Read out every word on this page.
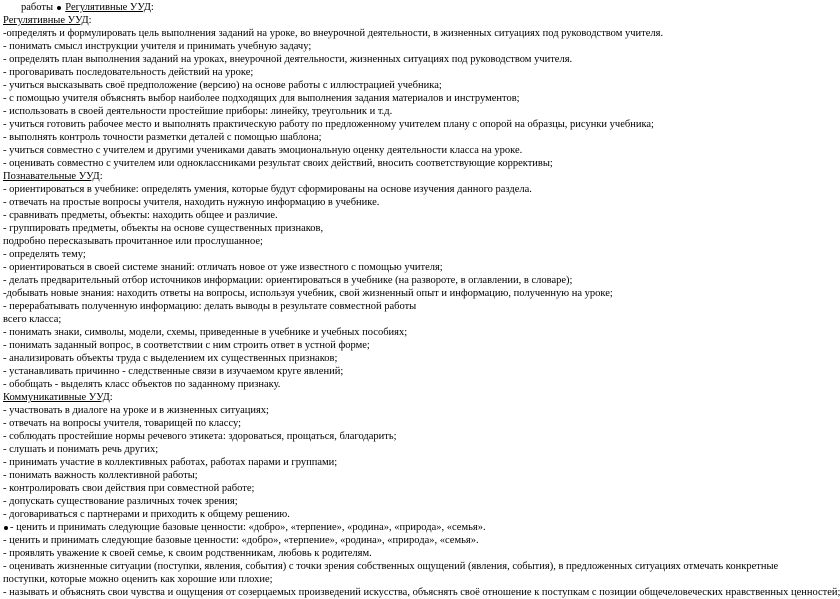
работы Регулятивные УУД:
Регулятивные УУД:
-определять и формулировать цель выполнения заданий на уроке, во внеурочной деятельности, в жизненных ситуациях под руководством учителя.
- понимать смысл инструкции учителя и принимать учебную задачу;
- определять план выполнения заданий на уроках, внеурочной деятельности, жизненных ситуациях под руководством учителя.
- проговаривать последовательность действий на уроке;
- учиться высказывать своё предположение (версию) на основе работы с иллюстрацией учебника;
- с помощью учителя объяснять выбор наиболее подходящих для выполнения задания материалов и инструментов;
- использовать в своей деятельности простейшие приборы: линейку, треугольник и т.д.
- учиться готовить рабочее место и выполнять практическую работу по предложенному учителем плану с опорой на образцы, рисунки учебника;
- выполнять контроль точности разметки деталей с помощью шаблона;
- учиться совместно с учителем и другими учениками давать эмоциональную оценку деятельности класса на уроке.
- оценивать совместно с учителем или одноклассниками результат своих действий, вносить соответствующие коррективы;
Познавательные УУД:
- ориентироваться в учебнике: определять умения, которые будут сформированы на основе изучения данного раздела.
- отвечать на простые вопросы учителя, находить нужную информацию в учебнике.
- сравнивать предметы, объекты: находить общее и различие.
- группировать предметы, объекты на основе существенных признаков,
подробно пересказывать прочитанное или прослушанное;
- определять тему;
- ориентироваться в своей системе знаний: отличать новое от уже известного с помощью учителя;
- делать предварительный отбор источников информации: ориентироваться в учебнике (на развороте, в оглавлении, в словаре);
-добывать новые знания: находить ответы на вопросы, используя учебник, свой жизненный опыт и информацию, полученную на уроке;
- перерабатывать полученную информацию: делать выводы в результате совместной работы
всего класса;
- понимать знаки, символы, модели, схемы, приведенные в учебнике и учебных пособиях;
- понимать заданный вопрос, в соответствии с ним строить ответ в устной форме;
- анализировать объекты труда с выделением их существенных признаков;
- устанавливать причинно - следственные связи в изучаемом круге явлений;
- обобщать - выделять класс объектов по заданному признаку.
Коммуникативные УУД:
- участвовать в диалоге на уроке и в жизненных ситуациях;
- отвечать на вопросы учителя, товарищей по классу;
- соблюдать простейшие нормы речевого этикета: здороваться, прощаться, благодарить;
- слушать и понимать речь других;
- принимать участие в коллективных работах, работах парами и группами;
- понимать важность коллективной работы;
- контролировать свои действия при совместной работе;
- допускать существование различных точек зрения;
- договариваться с партнерами и приходить к общему решению.
- ценить и принимать следующие базовые ценности: «добро», «терпение», «родина», «природа», «семья».
- ценить и принимать следующие базовые ценности: «добро», «терпение», «родина», «природа», «семья».
- проявлять уважение к своей семье, к своим родственникам, любовь к родителям.
- оценивать жизненные ситуации (поступки, явления, события) с точки зрения собственных ощущений (явления, события), в предложенных ситуациях отмечать конкретные поступки, которые можно оценить как хорошие или плохие;
- называть и объяснять свои чувства и ощущения от созерцаемых произведений искусства, объяснять своё отношение к поступкам с позиции общечеловеческих нравственных ценностей;
